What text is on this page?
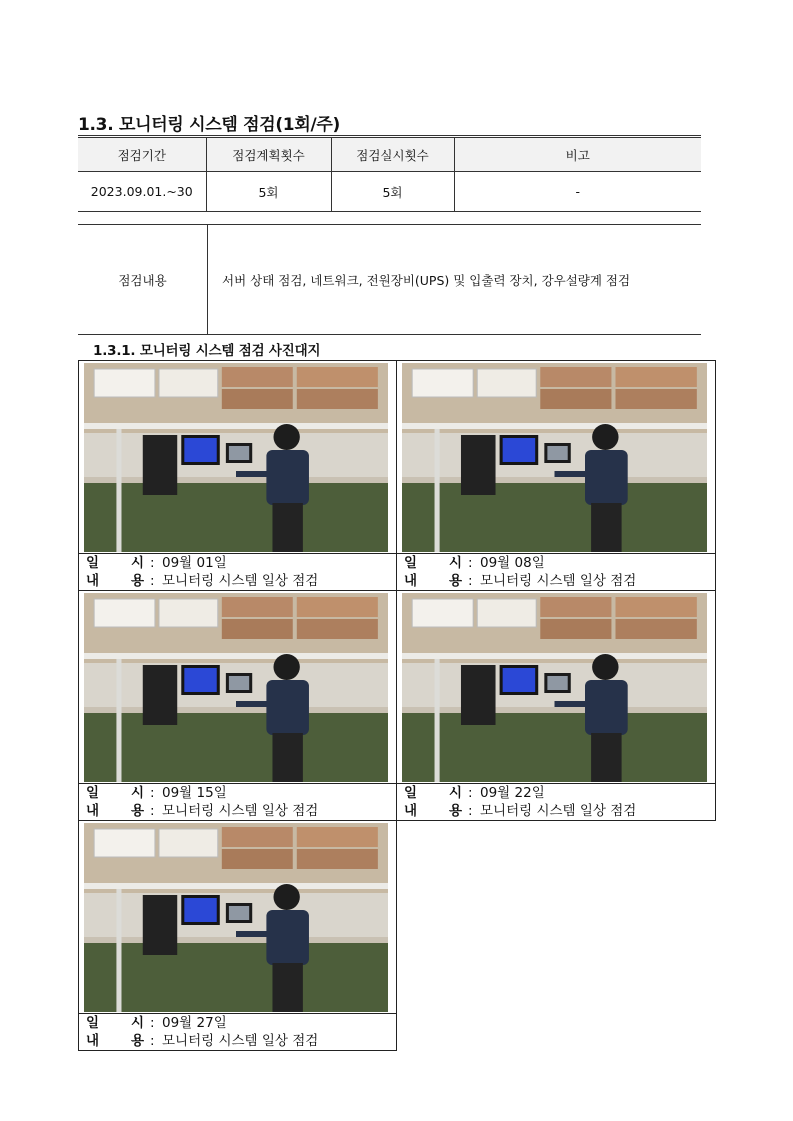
1.3. 모니터링 시스템 점검(1회/주)
점검기간	점검계획횟수	점검실시횟수	비고
2023.09.01.~30	5회	5회	-
점검내용	서버 상태 점검, 네트워크, 전원장비(UPS) 및 입출력 장치, 강우설량계 점검
1.3.1. 모니터링 시스템 점검 사진대지
일 시 : 09월 01일
내 용 : 모니터링 시스템 일상 점검
일 시 : 09월 08일
내 용 : 모니터링 시스템 일상 점검
일 시 : 09월 15일
내 용 : 모니터링 시스템 일상 점검
일 시 : 09월 22일
내 용 : 모니터링 시스템 일상 점검
일 시 : 09월 27일
내 용 : 모니터링 시스템 일상 점검
